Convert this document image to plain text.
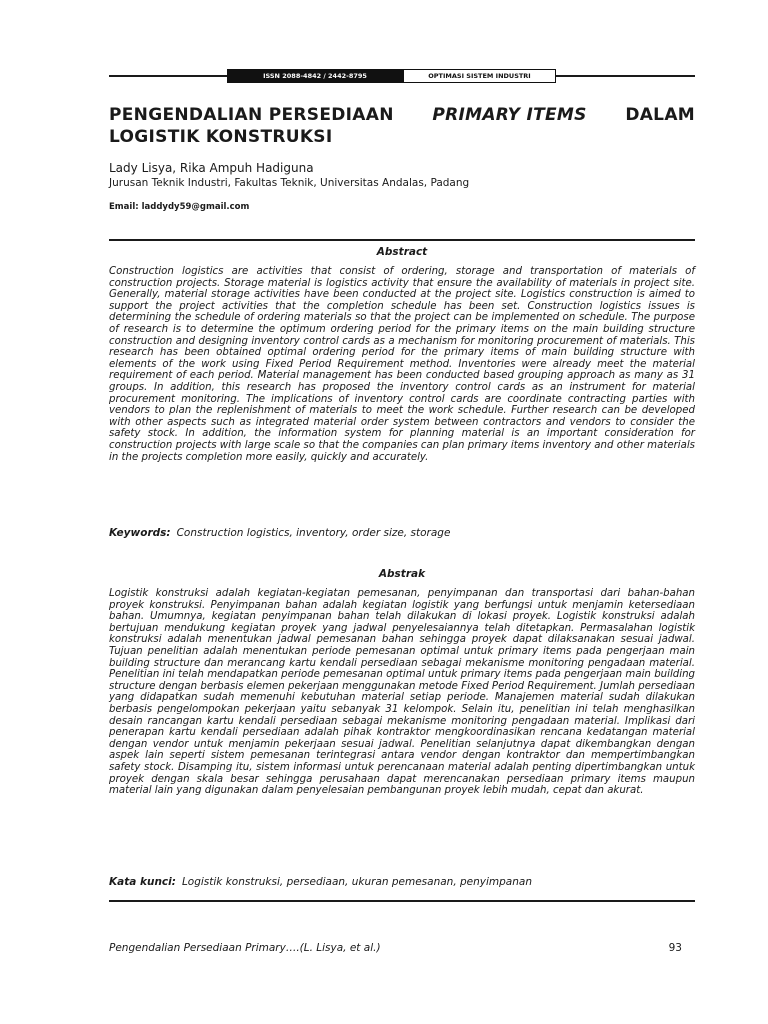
ISSN 2088-4842 / 2442-8795	OPTIMASI SISTEM INDUSTRI
PENGENDALIAN PERSEDIAAN PRIMARY ITEMS DALAM
LOGISTIK KONSTRUKSI
Lady Lisya, Rika Ampuh Hadiguna
Jurusan Teknik Industri, Fakultas Teknik, Universitas Andalas, Padang
Email: laddydy59@gmail.com
Abstract

Construction logistics are activities that consist of ordering, storage and transportation of materials of construction projects. Storage material is logistics activity that ensure the availability of materials in project site. Generally, material storage activities have been conducted at the project site. Logistics construction is aimed to support the project activities that the completion schedule has been set. Construction logistics issues is determining the schedule of ordering materials so that the project can be implemented on schedule. The purpose of research is to determine the optimum ordering period for the primary items on the main building structure construction and designing inventory control cards as a mechanism for monitoring procurement of materials. This research has been obtained optimal ordering period for the primary items of main building structure with elements of the work using Fixed Period Requirement method. Inventories were already meet the material requirement of each period. Material management has been conducted based grouping approach as many as 31 groups. In addition, this research has proposed the inventory control cards as an instrument for material procurement monitoring. The implications of inventory control cards are coordinate contracting parties with vendors to plan the replenishment of materials to meet the work schedule. Further research can be developed with other aspects such as integrated material order system between contractors and vendors to consider the safety stock. In addition, the information system for planning material is an important consideration for construction projects with large scale so that the companies can plan primary items inventory and other materials in the projects completion more easily, quickly and accurately.

Keywords: Construction logistics, inventory, order size, storage
Abstrak

Logistik konstruksi adalah kegiatan-kegiatan pemesanan, penyimpanan dan transportasi dari bahan-bahan proyek konstruksi. Penyimpanan bahan adalah kegiatan logistik yang berfungsi untuk menjamin ketersediaan bahan. Umumnya, kegiatan penyimpanan bahan telah dilakukan di lokasi proyek. Logistik konstruksi adalah bertujuan mendukung kegiatan proyek yang jadwal penyelesaiannya telah ditetapkan. Permasalahan logistik konstruksi adalah menentukan jadwal pemesanan bahan sehingga proyek dapat dilaksanakan sesuai jadwal. Tujuan penelitian adalah menentukan periode pemesanan optimal untuk primary items pada pengerjaan main building structure dan merancang kartu kendali persediaan sebagai mekanisme monitoring pengadaan material. Penelitian ini telah mendapatkan periode pemesanan optimal untuk primary items pada pengerjaan main building structure dengan berbasis elemen pekerjaan menggunakan metode Fixed Period Requirement. Jumlah persediaan yang didapatkan sudah memenuhi kebutuhan material setiap periode. Manajemen material sudah dilakukan berbasis pengelompokan pekerjaan yaitu sebanyak 31 kelompok. Selain itu, penelitian ini telah menghasilkan desain rancangan kartu kendali persediaan sebagai mekanisme monitoring pengadaan material. Implikasi dari penerapan kartu kendali persediaan adalah pihak kontraktor mengkoordinasikan rencana kedatangan material dengan vendor untuk menjamin pekerjaan sesuai jadwal. Penelitian selanjutnya dapat dikembangkan dengan aspek lain seperti sistem pemesanan terintegrasi antara vendor dengan kontraktor dan mempertimbangkan safety stock. Disamping itu, sistem informasi untuk perencanaan material adalah penting dipertimbangkan untuk proyek dengan skala besar sehingga perusahaan dapat merencanakan persediaan primary items maupun material lain yang digunakan dalam penyelesaian pembangunan proyek lebih mudah, cepat dan akurat.

Kata kunci: Logistik konstruksi, persediaan, ukuran pemesanan, penyimpanan
Pengendalian Persediaan Primary….(L. Lisya, et al.)	93
